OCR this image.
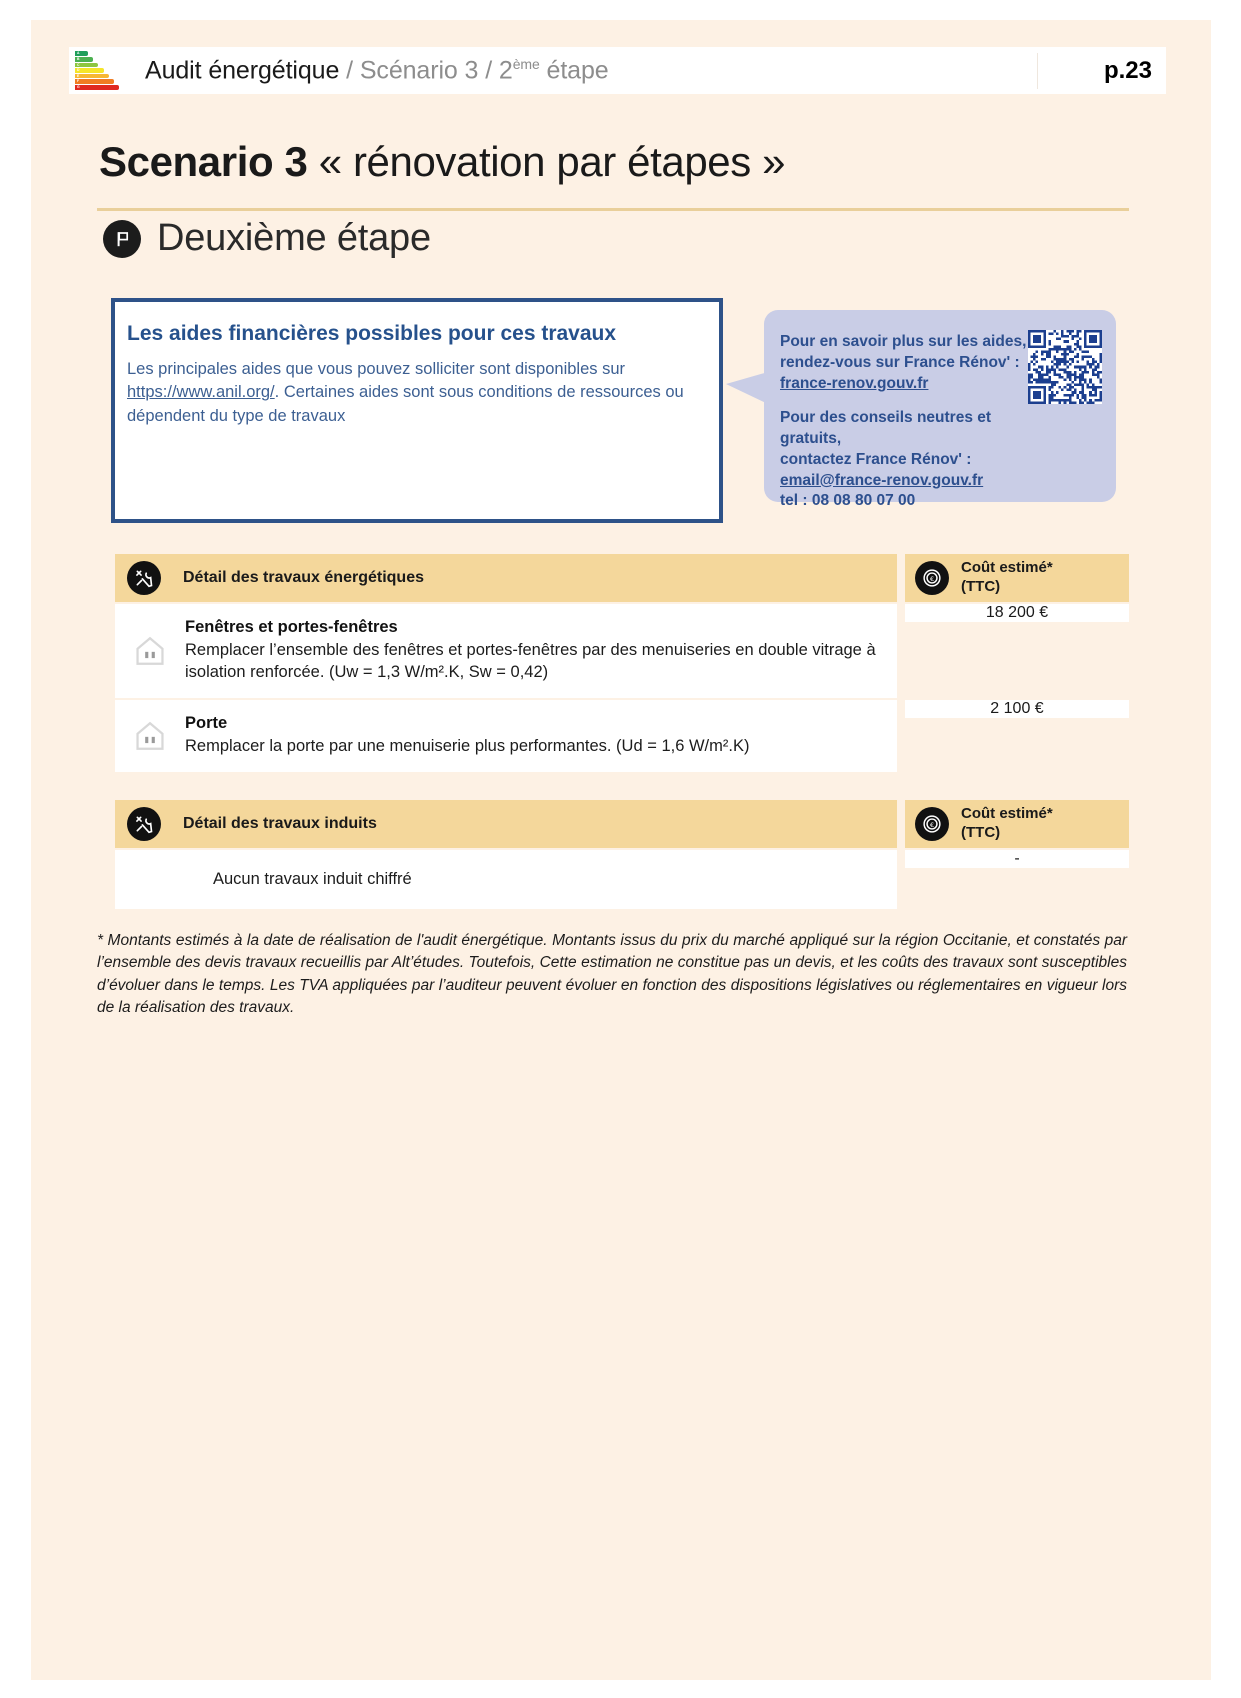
A
B
C
D
E
F
G
Audit énergétique / Scénario 3 / 2ème étape	p.23
Scenario 3 « rénovation par étapes »
Deuxième étape
Les aides financières possibles pour ces travaux
Les principales aides que vous pouvez solliciter sont disponibles sur https://www.anil.org/. Certaines aides sont sous conditions de ressources ou dépendent du type de travaux
Pour en savoir plus sur les aides,
rendez-vous sur France Rénov' :
france-renov.gouv.fr
Pour des conseils neutres et gratuits,
contactez France Rénov' :
email@france-renov.gouv.fr
tel : 08 08 80 07 00
Détail des travaux énergétiques	€
Coût estimé*
(TTC)
Fenêtres et portes-fenêtres
Remplacer l’ensemble des fenêtres et portes-fenêtres par des menuiseries en double vitrage à isolation renforcée. (Uw = 1,3 W/m².K, Sw = 0,42)
18 200 €
Porte
Remplacer la porte par une menuiserie plus performantes. (Ud = 1,6 W/m².K)
2 100 €
Détail des travaux induits	€
Coût estimé*
(TTC)
Aucun travaux induit chiffré
-
* Montants estimés à la date de réalisation de l'audit énergétique. Montants issus du prix du marché appliqué sur la région Occitanie, et constatés par l’ensemble des devis travaux recueillis par Alt’études. Toutefois, Cette estimation ne constitue pas un devis, et les coûts des travaux sont susceptibles d’évoluer dans le temps. Les TVA appliquées par l’auditeur peuvent évoluer en fonction des dispositions législatives ou réglementaires en vigueur lors de la réalisation des travaux.
